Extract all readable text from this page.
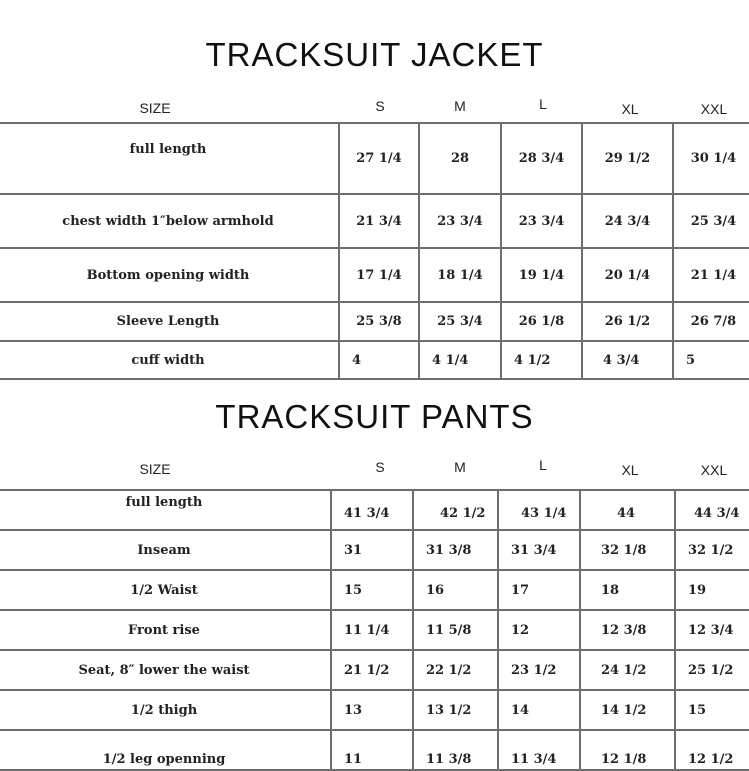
TRACKSUIT JACKET
SIZE	S	M	L	XL	XXL
full length	27 1/4	28	28 3/4	29 1/2	30 1/4
chest width 1″below armhold	21 3/4	23 3/4	23 3/4	24 3/4	25 3/4
Bottom opening width	17 1/4	18 1/4	19 1/4	20 1/4	21 1/4
Sleeve Length	25 3/8	25 3/4	26 1/8	26 1/2	26 7/8
cuff width	4	4 1/4	4 1/2	4 3/4	5
TRACKSUIT PANTS
SIZE	S	M	L	XL	XXL
full length	41 3/4	42 1/2	43 1/4	44	44 3/4
Inseam	31	31 3/8	31 3/4	32 1/8	32 1/2
1/2 Waist	15	16	17	18	19
Front rise	11 1/4	11 5/8	12	12 3/8	12 3/4
Seat, 8″ lower the waist	21 1/2	22 1/2	23 1/2	24 1/2	25 1/2
1/2 thigh	13	13 1/2	14	14 1/2	15
1/2 leg openning	11	11 3/8	11 3/4	12 1/8	12 1/2
